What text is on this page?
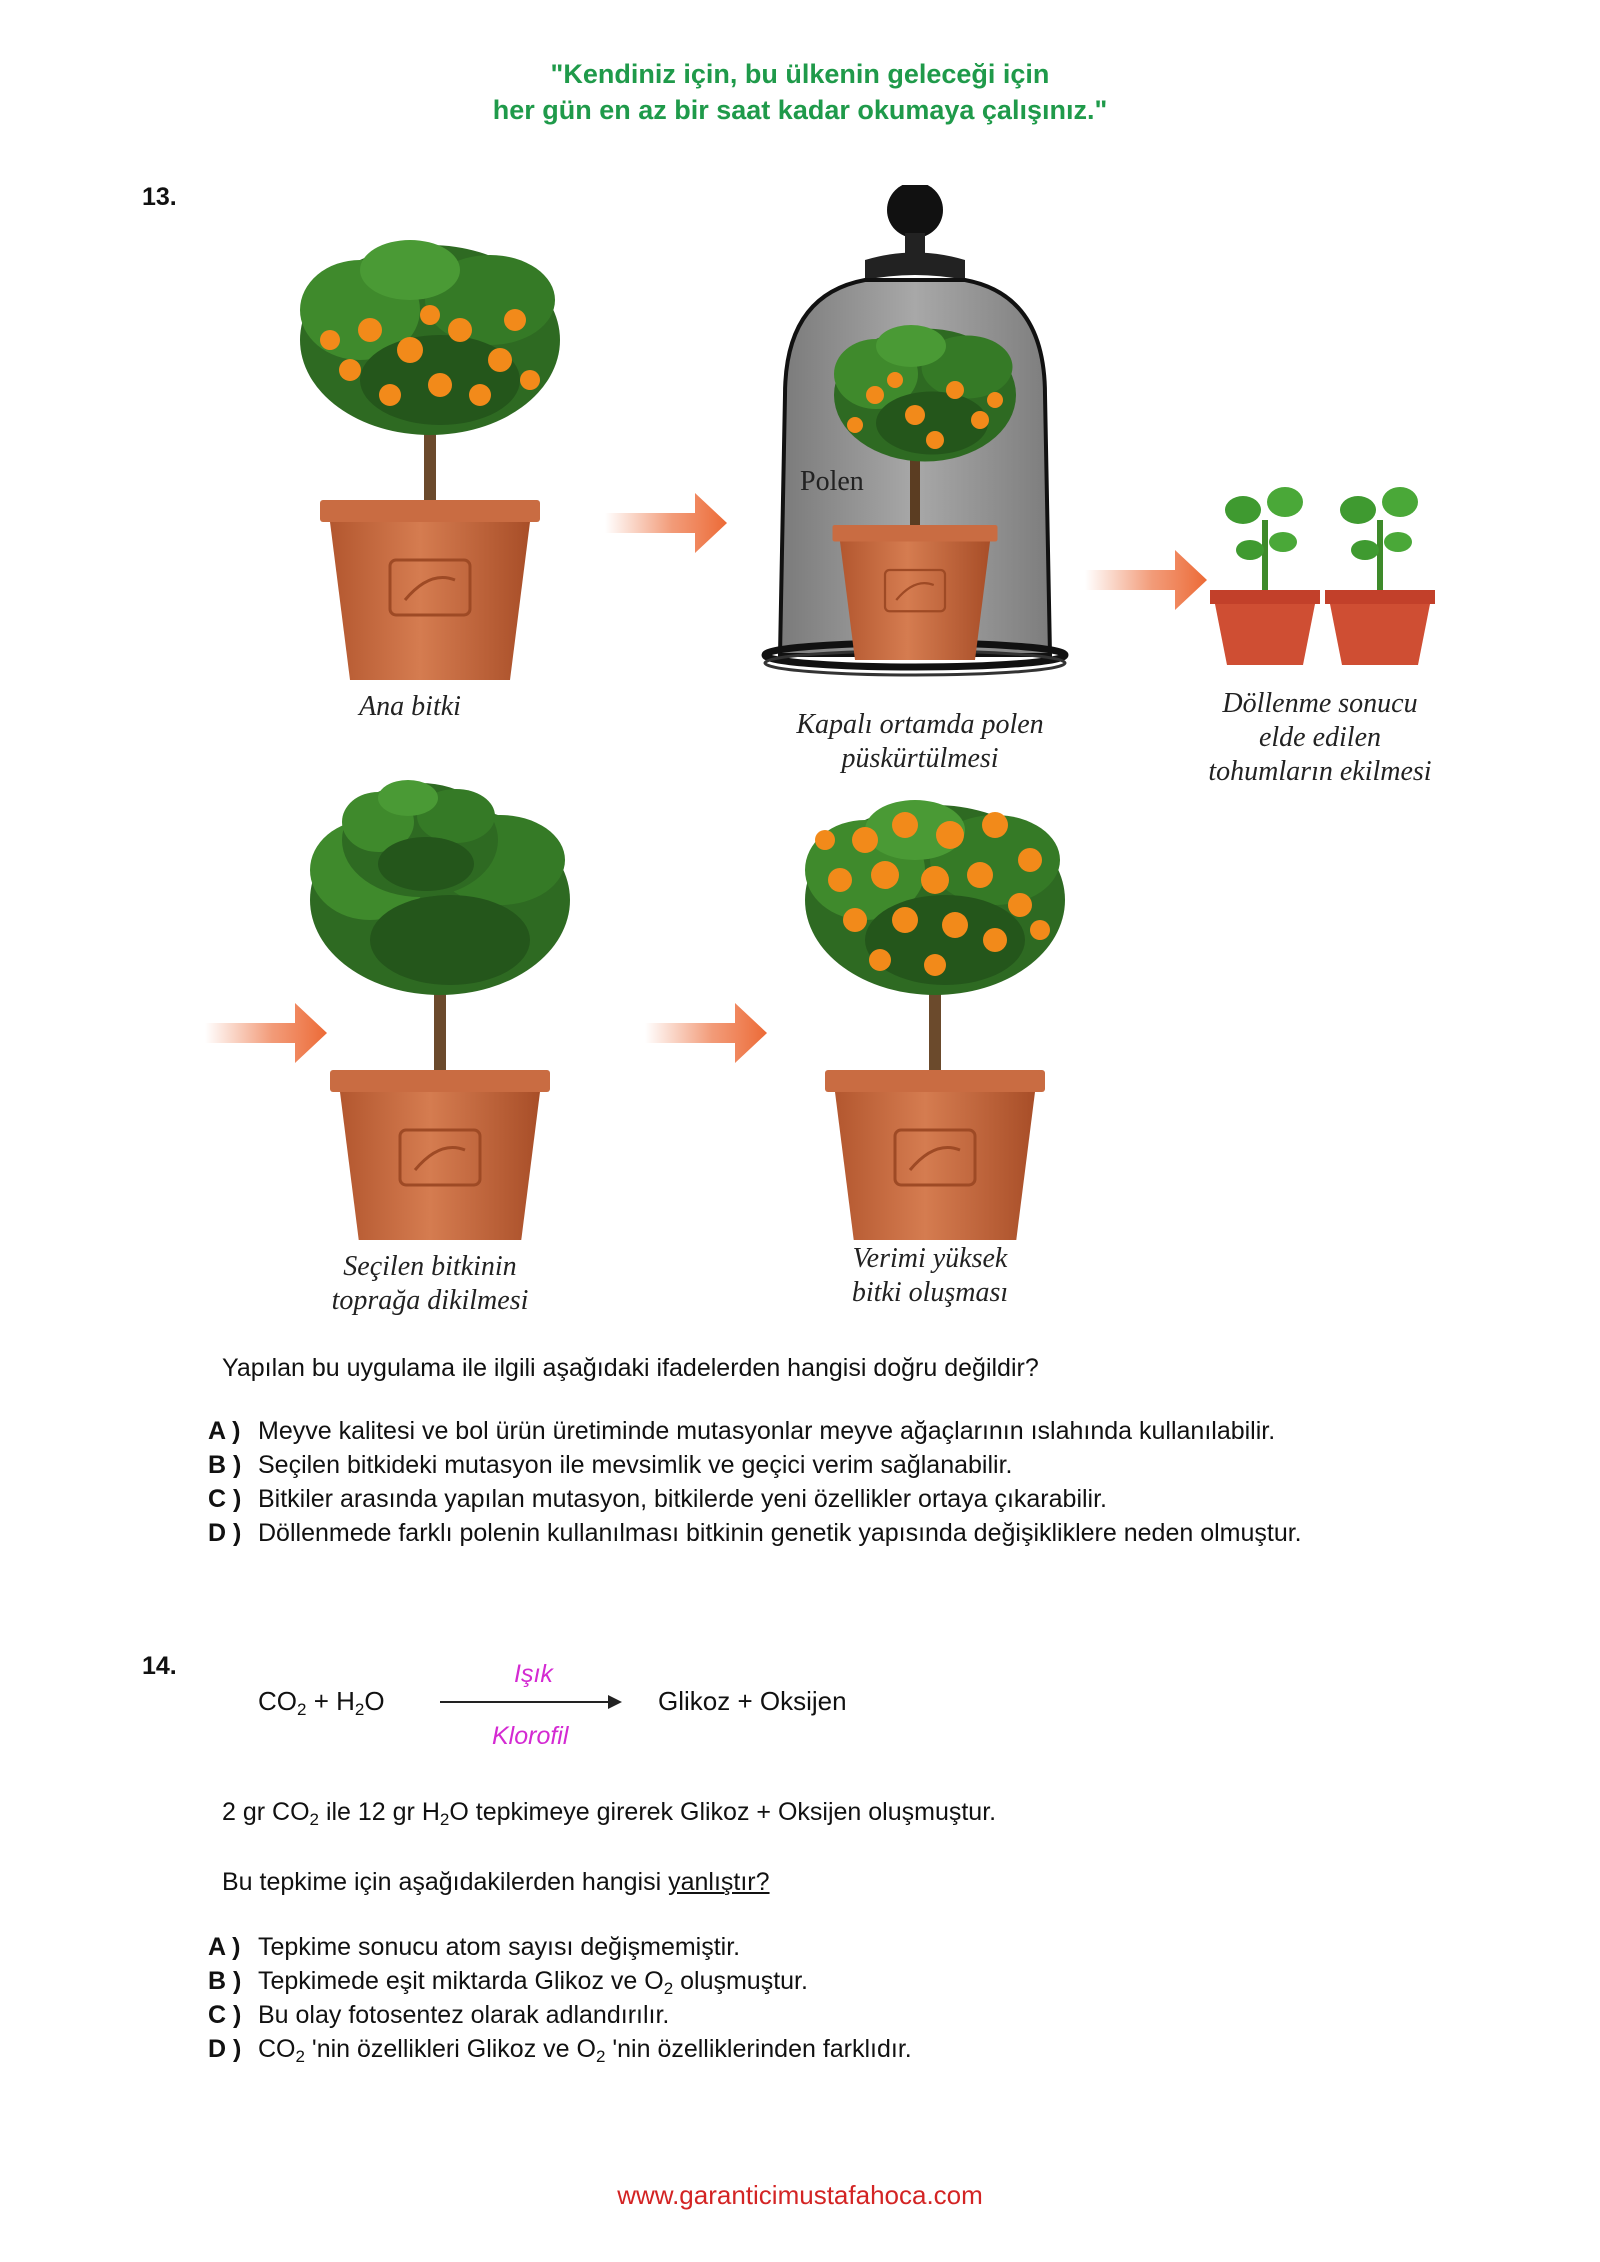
"Kendiniz için, bu ülkenin geleceği için
her gün en az bir saat kadar okumaya çalışınız."
13.
Polen
Ana bitki
Kapalı ortamda polen
püskürtülmesi
Döllenme sonucu
elde edilen
tohumların ekilmesi
Seçilen bitkinin
toprağa dikilmesi
Verimi yüksek
bitki oluşması
Yapılan bu uygulama ile ilgili aşağıdaki ifadelerden hangisi doğru değildir?
A ) Meyve kalitesi ve bol ürün üretiminde mutasyonlar meyve ağaçlarının ıslahında kullanılabilir.
B ) Seçilen bitkideki mutasyon ile mevsimlik ve geçici verim sağlanabilir.
C ) Bitkiler arasında yapılan mutasyon, bitkilerde yeni özellikler ortaya çıkarabilir.
D ) Döllenmede farklı polenin kullanılması bitkinin genetik yapısında değişikliklere neden olmuştur.
14.
$CO_2 + H_2O$
Işık
Klorofil
Glikoz + Oksijen
2 gr $CO_2$ ile 12 gr $H_2O$ tepkimeye girerek Glikoz + Oksijen oluşmuştur.
Bu tepkime için aşağıdakilerden hangisi yanlıştır?
A ) Tepkime sonucu atom sayısı değişmemiştir.
B ) Tepkimede eşit miktarda Glikoz ve $O_2$ oluşmuştur.
C ) Bu olay fotosentez olarak adlandırılır.
D ) $CO_2$ 'nin özellikleri Glikoz ve $O_2$ 'nin özelliklerinden farklıdır.
www.garanticimustafahoca.com
